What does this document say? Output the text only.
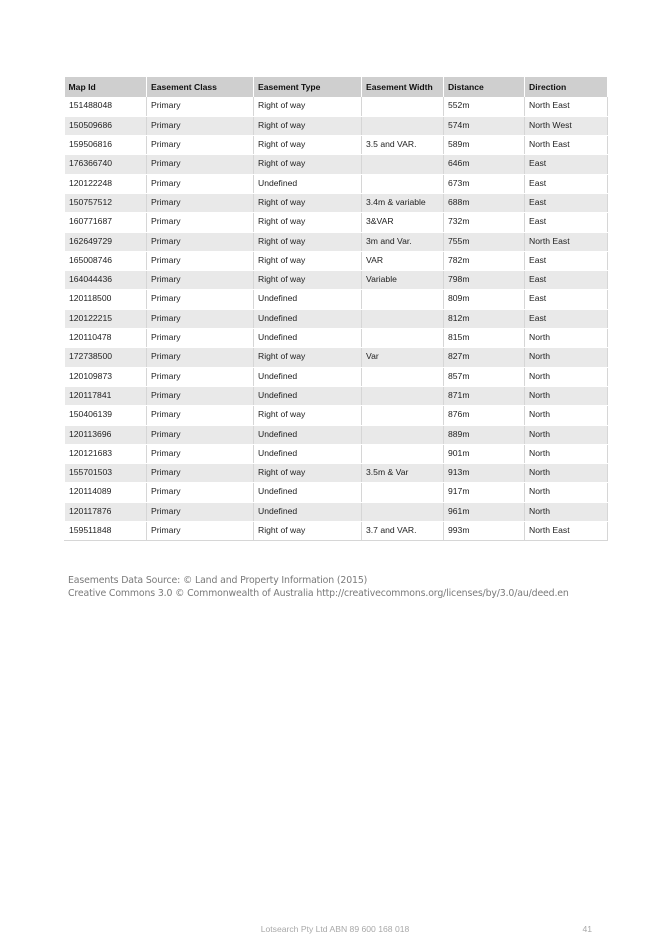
Map Id	Easement Class	Easement Type	Easement Width	Distance	Direction
151488048	Primary	Right of way		552m	North East
150509686	Primary	Right of way		574m	North West
159506816	Primary	Right of way	3.5 and VAR.	589m	North East
176366740	Primary	Right of way		646m	East
120122248	Primary	Undefined		673m	East
150757512	Primary	Right of way	3.4m & variable	688m	East
160771687	Primary	Right of way	3&VAR	732m	East
162649729	Primary	Right of way	3m and Var.	755m	North East
165008746	Primary	Right of way	VAR	782m	East
164044436	Primary	Right of way	Variable	798m	East
120118500	Primary	Undefined		809m	East
120122215	Primary	Undefined		812m	East
120110478	Primary	Undefined		815m	North
172738500	Primary	Right of way	Var	827m	North
120109873	Primary	Undefined		857m	North
120117841	Primary	Undefined		871m	North
150406139	Primary	Right of way		876m	North
120113696	Primary	Undefined		889m	North
120121683	Primary	Undefined		901m	North
155701503	Primary	Right of way	3.5m & Var	913m	North
120114089	Primary	Undefined		917m	North
120117876	Primary	Undefined		961m	North
159511848	Primary	Right of way	3.7 and VAR.	993m	North East
Easements Data Source: © Land and Property Information (2015)
Creative Commons 3.0 © Commonwealth of Australia http://creativecommons.org/licenses/by/3.0/au/deed.en
Lotsearch Pty Ltd ABN 89 600 168 018	41
